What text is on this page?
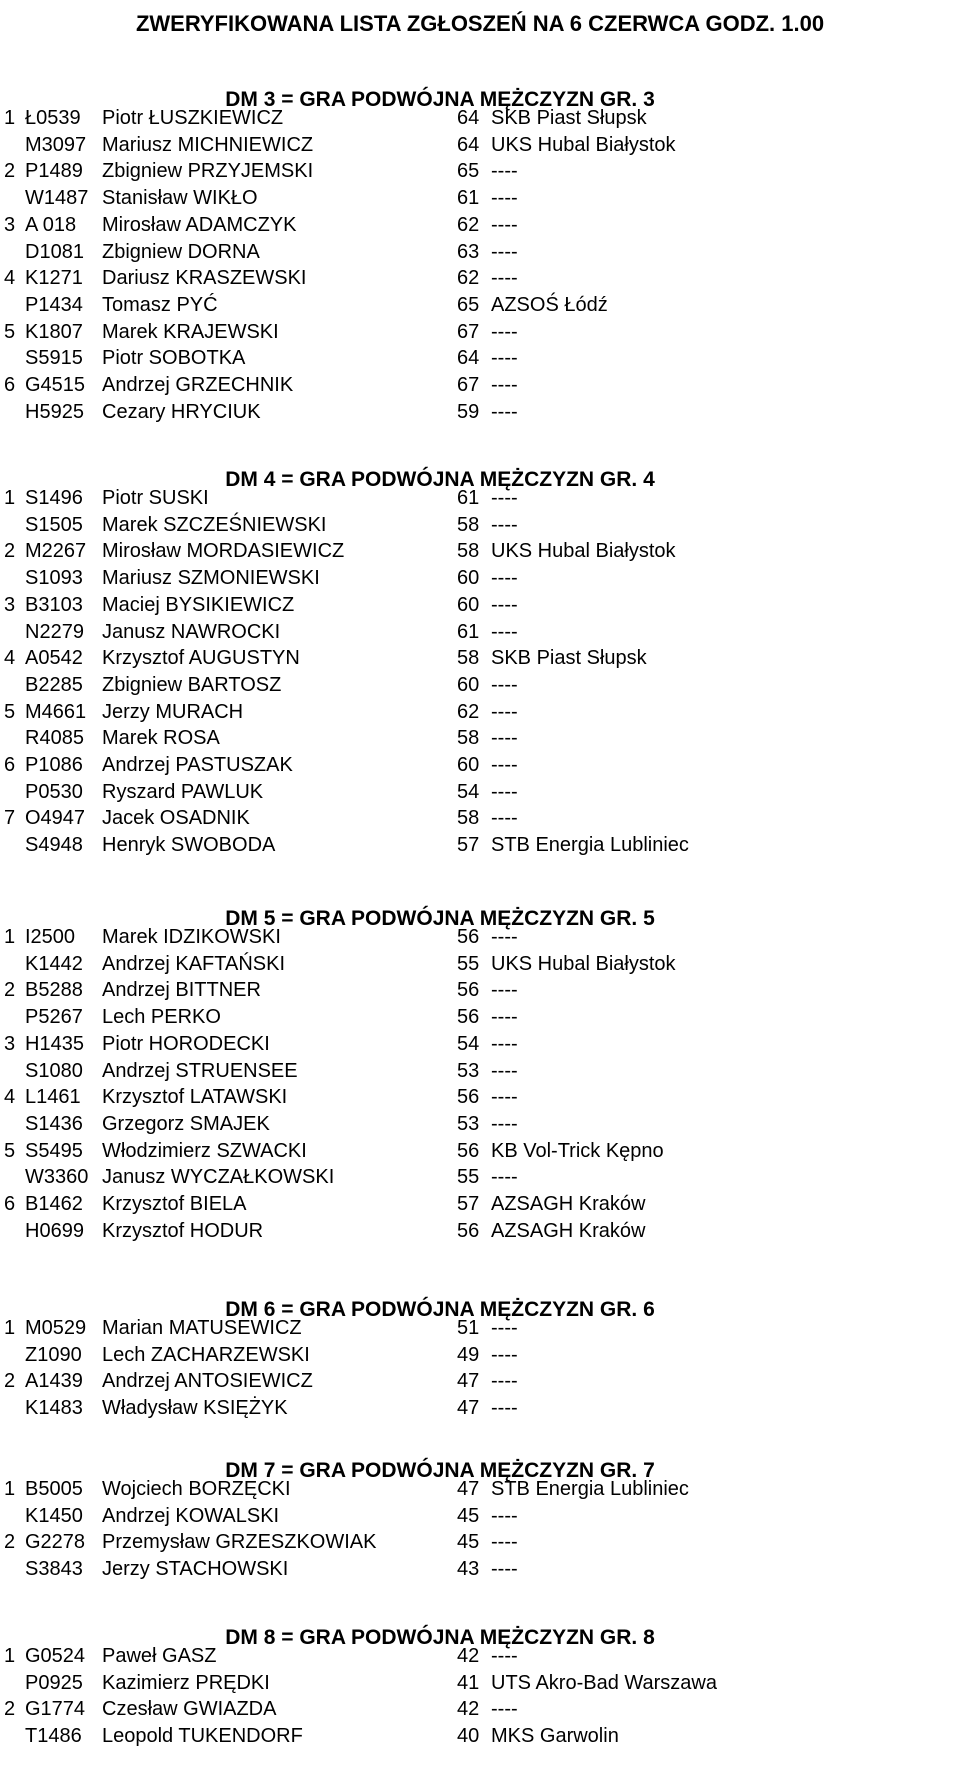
ZWERYFIKOWANA LISTA ZGŁOSZEŃ NA 6 CZERWCA GODZ. 1.00
DM 3 = GRA PODWÓJNA MĘŻCZYZN GR. 3
1 Ł0539 Piotr ŁUSZKIEWICZ	64 SKB Piast Słupsk
M3097 Mariusz MICHNIEWICZ	64 UKS Hubal Białystok
2 P1489 Zbigniew PRZYJEMSKI	65 ----
W1487 Stanisław WIKŁO	61 ----
3 A 018 Mirosław ADAMCZYK	62 ----
D1081 Zbigniew DORNA	63 ----
4 K1271 Dariusz KRASZEWSKI	62 ----
P1434 Tomasz PYĆ	65 AZSOŚ Łódź
5 K1807 Marek KRAJEWSKI	67 ----
S5915 Piotr SOBOTKA	64 ----
6 G4515 Andrzej GRZECHNIK	67 ----
H5925 Cezary HRYCIUK	59 ----
DM 4 = GRA PODWÓJNA MĘŻCZYZN GR. 4
1 S1496 Piotr SUSKI	61 ----
S1505 Marek SZCZEŚNIEWSKI	58 ----
2 M2267 Mirosław MORDASIEWICZ	58 UKS Hubal Białystok
S1093 Mariusz SZMONIEWSKI	60 ----
3 B3103 Maciej BYSIKIEWICZ	60 ----
N2279 Janusz NAWROCKI	61 ----
4 A0542 Krzysztof AUGUSTYN	58 SKB Piast Słupsk
B2285 Zbigniew BARTOSZ	60 ----
5 M4661 Jerzy MURACH	62 ----
R4085 Marek ROSA	58 ----
6 P1086 Andrzej PASTUSZAK	60 ----
P0530 Ryszard PAWLUK	54 ----
7 O4947 Jacek OSADNIK	58 ----
S4948 Henryk SWOBODA	57 STB Energia Lubliniec
DM 5 = GRA PODWÓJNA MĘŻCZYZN GR. 5
1 I2500 Marek IDZIKOWSKI	56 ----
K1442 Andrzej KAFTAŃSKI	55 UKS Hubal Białystok
2 B5288 Andrzej BITTNER	56 ----
P5267 Lech PERKO	56 ----
3 H1435 Piotr HORODECKI	54 ----
S1080 Andrzej STRUENSEE	53 ----
4 L1461 Krzysztof LATAWSKI	56 ----
S1436 Grzegorz SMAJEK	53 ----
5 S5495 Włodzimierz SZWACKI	56 KB Vol-Trick Kępno
W3360 Janusz WYCZAŁKOWSKI	55 ----
6 B1462 Krzysztof BIELA	57 AZSAGH Kraków
H0699 Krzysztof HODUR	56 AZSAGH Kraków
DM 6 = GRA PODWÓJNA MĘŻCZYZN GR. 6
1 M0529 Marian MATUSEWICZ	51 ----
Z1090 Lech ZACHARZEWSKI	49 ----
2 A1439 Andrzej ANTOSIEWICZ	47 ----
K1483 Władysław KSIĘŻYK	47 ----
DM 7 = GRA PODWÓJNA MĘŻCZYZN GR. 7
1 B5005 Wojciech BORZĘCKI	47 STB Energia Lubliniec
K1450 Andrzej KOWALSKI	45 ----
2 G2278 Przemysław GRZESZKOWIAK	45 ----
S3843 Jerzy STACHOWSKI	43 ----
DM 8 = GRA PODWÓJNA MĘŻCZYZN GR. 8
1 G0524 Paweł GASZ	42 ----
P0925 Kazimierz PRĘDKI	41 UTS Akro-Bad Warszawa
2 G1774 Czesław GWIAZDA	42 ----
T1486 Leopold TUKENDORF	40 MKS Garwolin
